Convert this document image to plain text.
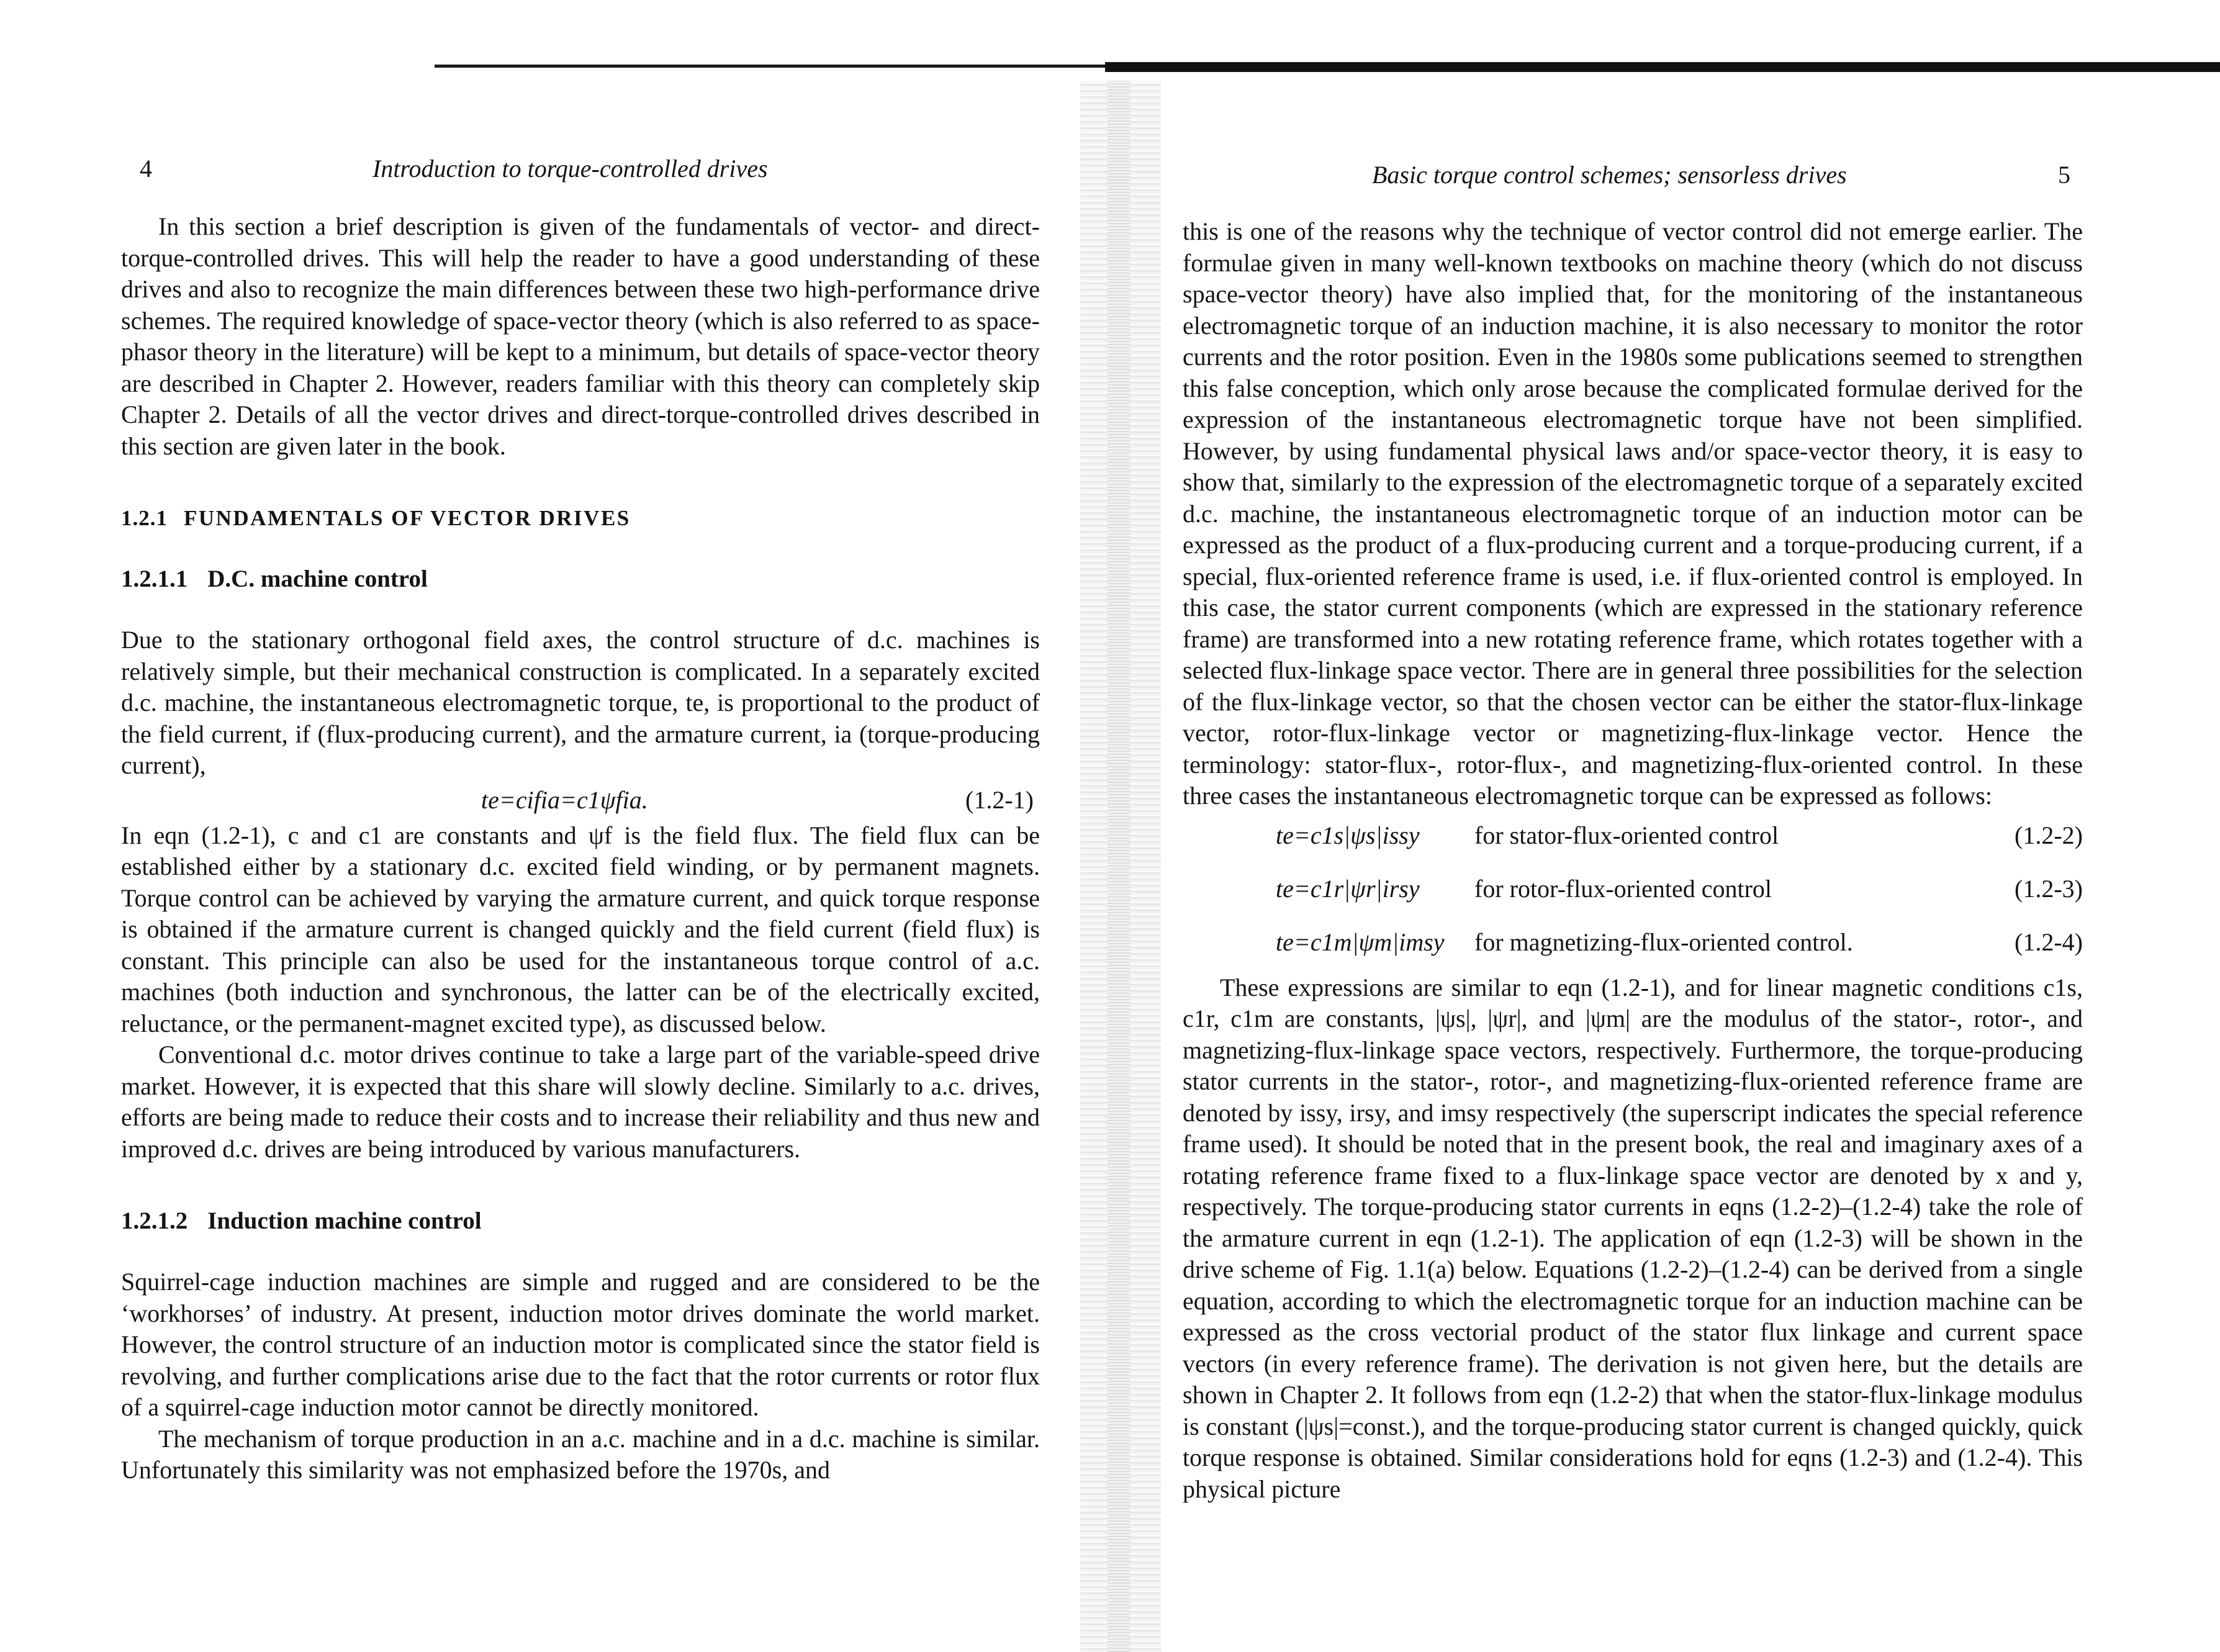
4	Introduction to torque-controlled drives

In this section a brief description is given of the fundamentals of vector- and direct-torque-controlled drives. This will help the reader to have a good understanding of these drives and also to recognize the main differences between these two high-performance drive schemes. The required knowledge of space-vector theory (which is also referred to as space-phasor theory in the literature) will be kept to a minimum, but details of space-vector theory are described in Chapter 2. However, readers familiar with this theory can completely skip Chapter 2. Details of all the vector drives and direct-torque-controlled drives described in this section are given later in the book.

1.2.1 FUNDAMENTALS OF VECTOR DRIVES
1.2.1.1 D.C. machine control

Due to the stationary orthogonal field axes, the control structure of d.c. machines is relatively simple, but their mechanical construction is complicated. In a separately excited d.c. machine, the instantaneous electromagnetic torque, te, is proportional to the product of the field current, if (flux-producing current), and the armature current, ia (torque-producing current),

te=cifia=c1ψfia.	(1.2-1)

In eqn (1.2-1), c and c1 are constants and ψf is the field flux. The field flux can be established either by a stationary d.c. excited field winding, or by permanent magnets. Torque control can be achieved by varying the armature current, and quick torque response is obtained if the armature current is changed quickly and the field current (field flux) is constant. This principle can also be used for the instantaneous torque control of a.c. machines (both induction and synchronous, the latter can be of the electrically excited, reluctance, or the permanent-magnet excited type), as discussed below.

Conventional d.c. motor drives continue to take a large part of the variable-speed drive market. However, it is expected that this share will slowly decline. Similarly to a.c. drives, efforts are being made to reduce their costs and to increase their reliability and thus new and improved d.c. drives are being introduced by various manufacturers.

1.2.1.2 Induction machine control

Squirrel-cage induction machines are simple and rugged and are considered to be the ‘workhorses’ of industry. At present, induction motor drives dominate the world market. However, the control structure of an induction motor is complicated since the stator field is revolving, and further complications arise due to the fact that the rotor currents or rotor flux of a squirrel-cage induction motor cannot be directly monitored.

The mechanism of torque production in an a.c. machine and in a d.c. machine is similar. Unfortunately this similarity was not emphasized before the 1970s, and

Basic torque control schemes; sensorless drives	5

this is one of the reasons why the technique of vector control did not emerge earlier. The formulae given in many well-known textbooks on machine theory (which do not discuss space-vector theory) have also implied that, for the monitoring of the instantaneous electromagnetic torque of an induction machine, it is also necessary to monitor the rotor currents and the rotor position. Even in the 1980s some publications seemed to strengthen this false conception, which only arose because the complicated formulae derived for the expression of the instantaneous electromagnetic torque have not been simplified. However, by using fundamental physical laws and/or space-vector theory, it is easy to show that, similarly to the expression of the electromagnetic torque of a separately excited d.c. machine, the instantaneous electromagnetic torque of an induction motor can be expressed as the product of a flux-producing current and a torque-producing current, if a special, flux-oriented reference frame is used, i.e. if flux-oriented control is employed. In this case, the stator current components (which are expressed in the stationary reference frame) are transformed into a new rotating reference frame, which rotates together with a selected flux-linkage space vector. There are in general three possibilities for the selection of the flux-linkage vector, so that the chosen vector can be either the stator-flux-linkage vector, rotor-flux-linkage vector or magnetizing-flux-linkage vector. Hence the terminology: stator-flux-, rotor-flux-, and magnetizing-flux-oriented control. In these three cases the instantaneous electromagnetic torque can be expressed as follows:

te=c1s|ψs|issy for stator-flux-oriented control	(1.2-2)
te=c1r|ψr|irsy for rotor-flux-oriented control	(1.2-3)
te=c1m|ψm|imsy for magnetizing-flux-oriented control.	(1.2-4)

These expressions are similar to eqn (1.2-1), and for linear magnetic conditions c1s, c1r, c1m are constants, |ψs|, |ψr|, and |ψm| are the modulus of the stator-, rotor-, and magnetizing-flux-linkage space vectors, respectively. Furthermore, the torque-producing stator currents in the stator-, rotor-, and magnetizing-flux-oriented reference frame are denoted by issy, irsy, and imsy respectively (the superscript indicates the special reference frame used). It should be noted that in the present book, the real and imaginary axes of a rotating reference frame fixed to a flux-linkage space vector are denoted by x and y, respectively. The torque-producing stator currents in eqns (1.2-2)–(1.2-4) take the role of the armature current in eqn (1.2-1). The application of eqn (1.2-3) will be shown in the drive scheme of Fig. 1.1(a) below. Equations (1.2-2)–(1.2-4) can be derived from a single equation, according to which the electromagnetic torque for an induction machine can be expressed as the cross vectorial product of the stator flux linkage and current space vectors (in every reference frame). The derivation is not given here, but the details are shown in Chapter 2. It follows from eqn (1.2-2) that when the stator-flux-linkage modulus is constant (|ψs|=const.), and the torque-producing stator current is changed quickly, quick torque response is obtained. Similar considerations hold for eqns (1.2-3) and (1.2-4). This physical picture
